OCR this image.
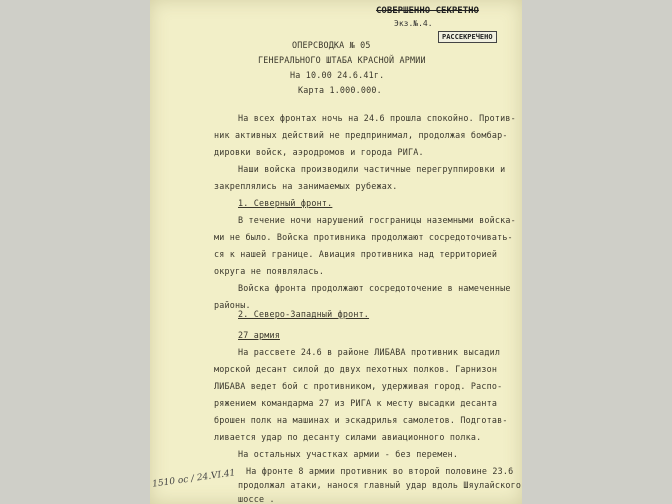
СОВЕРШЕННО СЕКРЕТНО
Экз.№.4.
РАССЕКРЕЧЕНО
ОПЕРСВОДКА № 05
ГЕНЕРАЛЬНОГО ШТАБА КРАСНОЙ АРМИИ
На 10.00 24.6.41г.
Карта 1.000.000.
На всех фронтах ночь на 24.6 прошла спокойно. Против-
ник активных действий не предпринимал, продолжая бомбар-
дировки войск, аэродромов и города РИГА.
Наши войска производили частичные перегруппировки и
закреплялись на занимаемых рубежах.
1. Северный фронт.
В течение ночи нарушений госграницы наземными войска-
ми не было. Войска противника продолжают сосредоточивать-
ся к нашей границе. Авиация противника над территорией
округа не появлялась.
Войска фронта продолжают сосредоточение в намеченные
районы.
2. Северо-Западный фронт.
27 армия
На рассвете 24.6 в районе ЛИБАВА противник высадил
морской десант силой до двух пехотных полков. Гарнизон
ЛИБАВА ведет бой с противником, удерживая город. Распо-
ряжением командарма 27 из РИГА к месту высадки десанта
брошен полк на машинах и эскадрилья самолетов. Подготав-
ливается удар по десанту силами авиационного полка.
На остальных участках армии - без перемен.
На фронте 8 армии противник во второй половине 23.6
продолжал атаки, нанося главный удар вдоль Шяулайского
шоссе .
1510 ос / 24.VI.41
